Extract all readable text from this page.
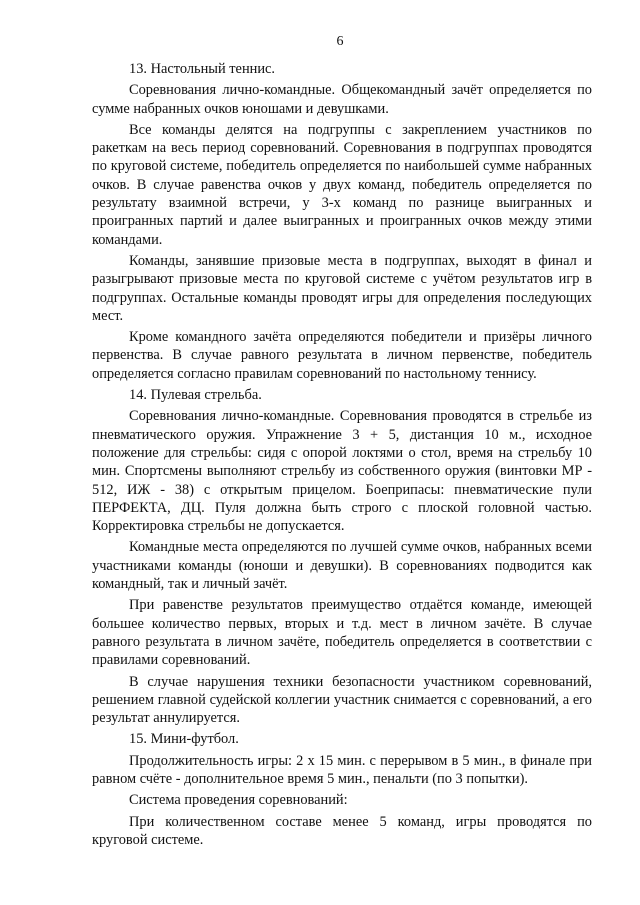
6

13. Настольный теннис.

Соревнования лично-командные. Общекомандный зачёт определяется по сумме набранных очков юношами и девушками.

Все команды делятся на подгруппы с закреплением участников по ракеткам на весь период соревнований. Соревнования в подгруппах проводятся по круговой системе, победитель определяется по наибольшей сумме набранных очков. В случае равенства очков у двух команд, победитель определяется по результату взаимной встречи, у 3-х команд по разнице выигранных и проигранных партий и далее выигранных и проигранных очков между этими командами.

Команды, занявшие призовые места в подгруппах, выходят в финал и разыгрывают призовые места по круговой системе с учётом результатов игр в подгруппах. Остальные команды проводят игры для определения последующих мест.

Кроме командного зачёта определяются победители и призёры личного первенства. В случае равного результата в личном первенстве, победитель определяется согласно правилам соревнований по настольному теннису.

14. Пулевая стрельба.

Соревнования лично-командные. Соревнования проводятся в стрельбе из пневматического оружия. Упражнение 3 + 5, дистанция 10 м., исходное положение для стрельбы: сидя с опорой локтями о стол, время на стрельбу 10 мин. Спортсмены выполняют стрельбу из собственного оружия (винтовки МР - 512, ИЖ - 38) с открытым прицелом. Боеприпасы: пневматические пули ПЕРФЕКТА, ДЦ. Пуля должна быть строго с плоской головной частью. Корректировка стрельбы не допускается.

Командные места определяются по лучшей сумме очков, набранных всеми участниками команды (юноши и девушки). В соревнованиях подводится как командный, так и личный зачёт.

При равенстве результатов преимущество отдаётся команде, имеющей большее количество первых, вторых и т.д. мест в личном зачёте. В случае равного результата в личном зачёте, победитель определяется в соответствии с правилами соревнований.

В случае нарушения техники безопасности участником соревнований, решением главной судейской коллегии участник снимается с соревнований, а его результат аннулируется.

15. Мини-футбол.

Продолжительность игры: 2 х 15 мин. с перерывом в 5 мин., в финале при равном счёте - дополнительное время 5 мин., пенальти (по 3 попытки).

Система проведения соревнований:

При количественном составе менее 5 команд, игры проводятся по круговой системе.
